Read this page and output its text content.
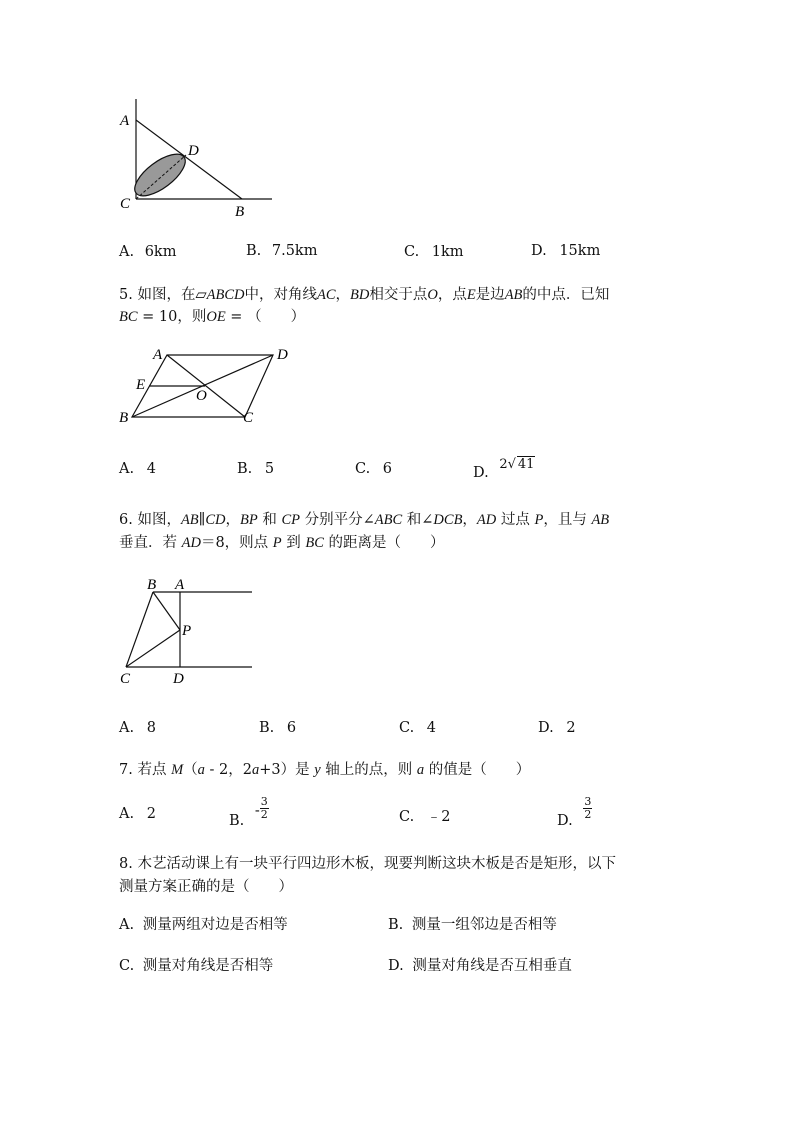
A
D
C	B
A. 6km	B. 7.5km	C. 1km	D. 15km
5. 如图，在▱ABCD中，对角线AC，BD相交于点O，点E是边AB的中点．已知
BC = 10，则OE = （　　）
A	D
E
O
B	C
A. 4	B. 5	C. 6	D. 2√ 41
6. 如图，AB∥CD，BP 和 CP 分别平分∠ABC 和∠DCB，AD 过点 P，且与 AB
垂直．若 AD＝8，则点 P 到 BC 的距离是（　　）
B A
P
C	D
A. 8	B. 6	C. 4	D. 2
7. 若点 M（a - 2，2a+3）是 y 轴上的点，则 a 的值是（　　）
A. 2	B. - $\frac{3}{2}$	C. ﹣2	D. $\frac{3}{2}$
8. 木艺活动课上有一块平行四边形木板，现要判断这块木板是否是矩形，以下
测量方案正确的是（　　）
A. 测量两组对边是否相等	B. 测量一组邻边是否相等
C. 测量对角线是否相等	D. 测量对角线是否互相垂直
